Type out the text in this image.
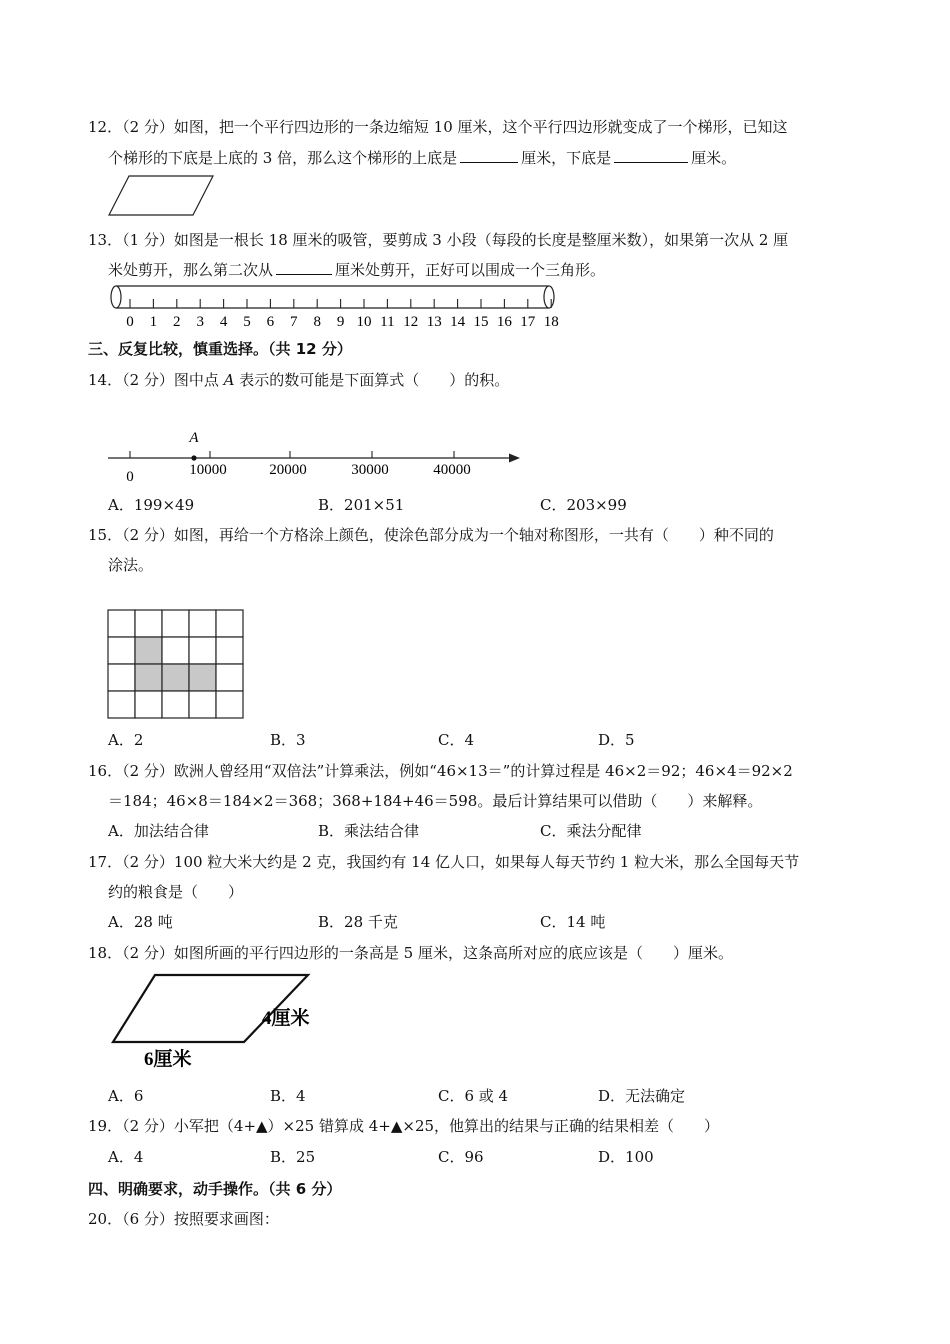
12．（2 分）如图，把一个平行四边形的一条边缩短 10 厘米，这个平行四边形就变成了一个梯形，已知这
个梯形的下底是上底的 3 倍，那么这个梯形的上底是	厘米，下底是	厘米。
13．（1 分）如图是一根长 18 厘米的吸管，要剪成 3 小段（每段的长度是整厘米数），如果第一次从 2 厘
米处剪开，那么第二次从	厘米处剪开，正好可以围成一个三角形。
0 1 2 3 4 5 6 7 8 9 10 11 12 13 14 15 16 17 18
三、反复比较，慎重选择。（共 12 分）
14．（2 分）图中点 A 表示的数可能是下面算式（　　）的积。
0	10000	20000	30000	40000
A
A．199×49	B．201×51	C．203×99
15．（2 分）如图，再给一个方格涂上颜色，使涂色部分成为一个轴对称图形，一共有（　　）种不同的
涂法。
A．2	B．3	C．4	D．5
16．（2 分）欧洲人曾经用“双倍法”计算乘法，例如“46×13＝”的计算过程是 46×2＝92；46×4＝92×2
＝184；46×8＝184×2＝368；368+184+46＝598。最后计算结果可以借助（　　）来解释。
A．加法结合律	B．乘法结合律	C．乘法分配律
17．（2 分）100 粒大米大约是 2 克，我国约有 14 亿人口，如果每人每天节约 1 粒大米，那么全国每天节
约的粮食是（　　）
A．28 吨	B．28 千克	C．14 吨
18．（2 分）如图所画的平行四边形的一条高是 5 厘米，这条高所对应的底应该是（　　）厘米。
4厘米
6厘米
A．6	B．4	C．6 或 4	D．无法确定
19．（2 分）小军把（4+▲）×25 错算成 4+▲×25，他算出的结果与正确的结果相差（　　）
A．4	B．25	C．96	D．100
四、明确要求，动手操作。（共 6 分）
20．（6 分）按照要求画图：
